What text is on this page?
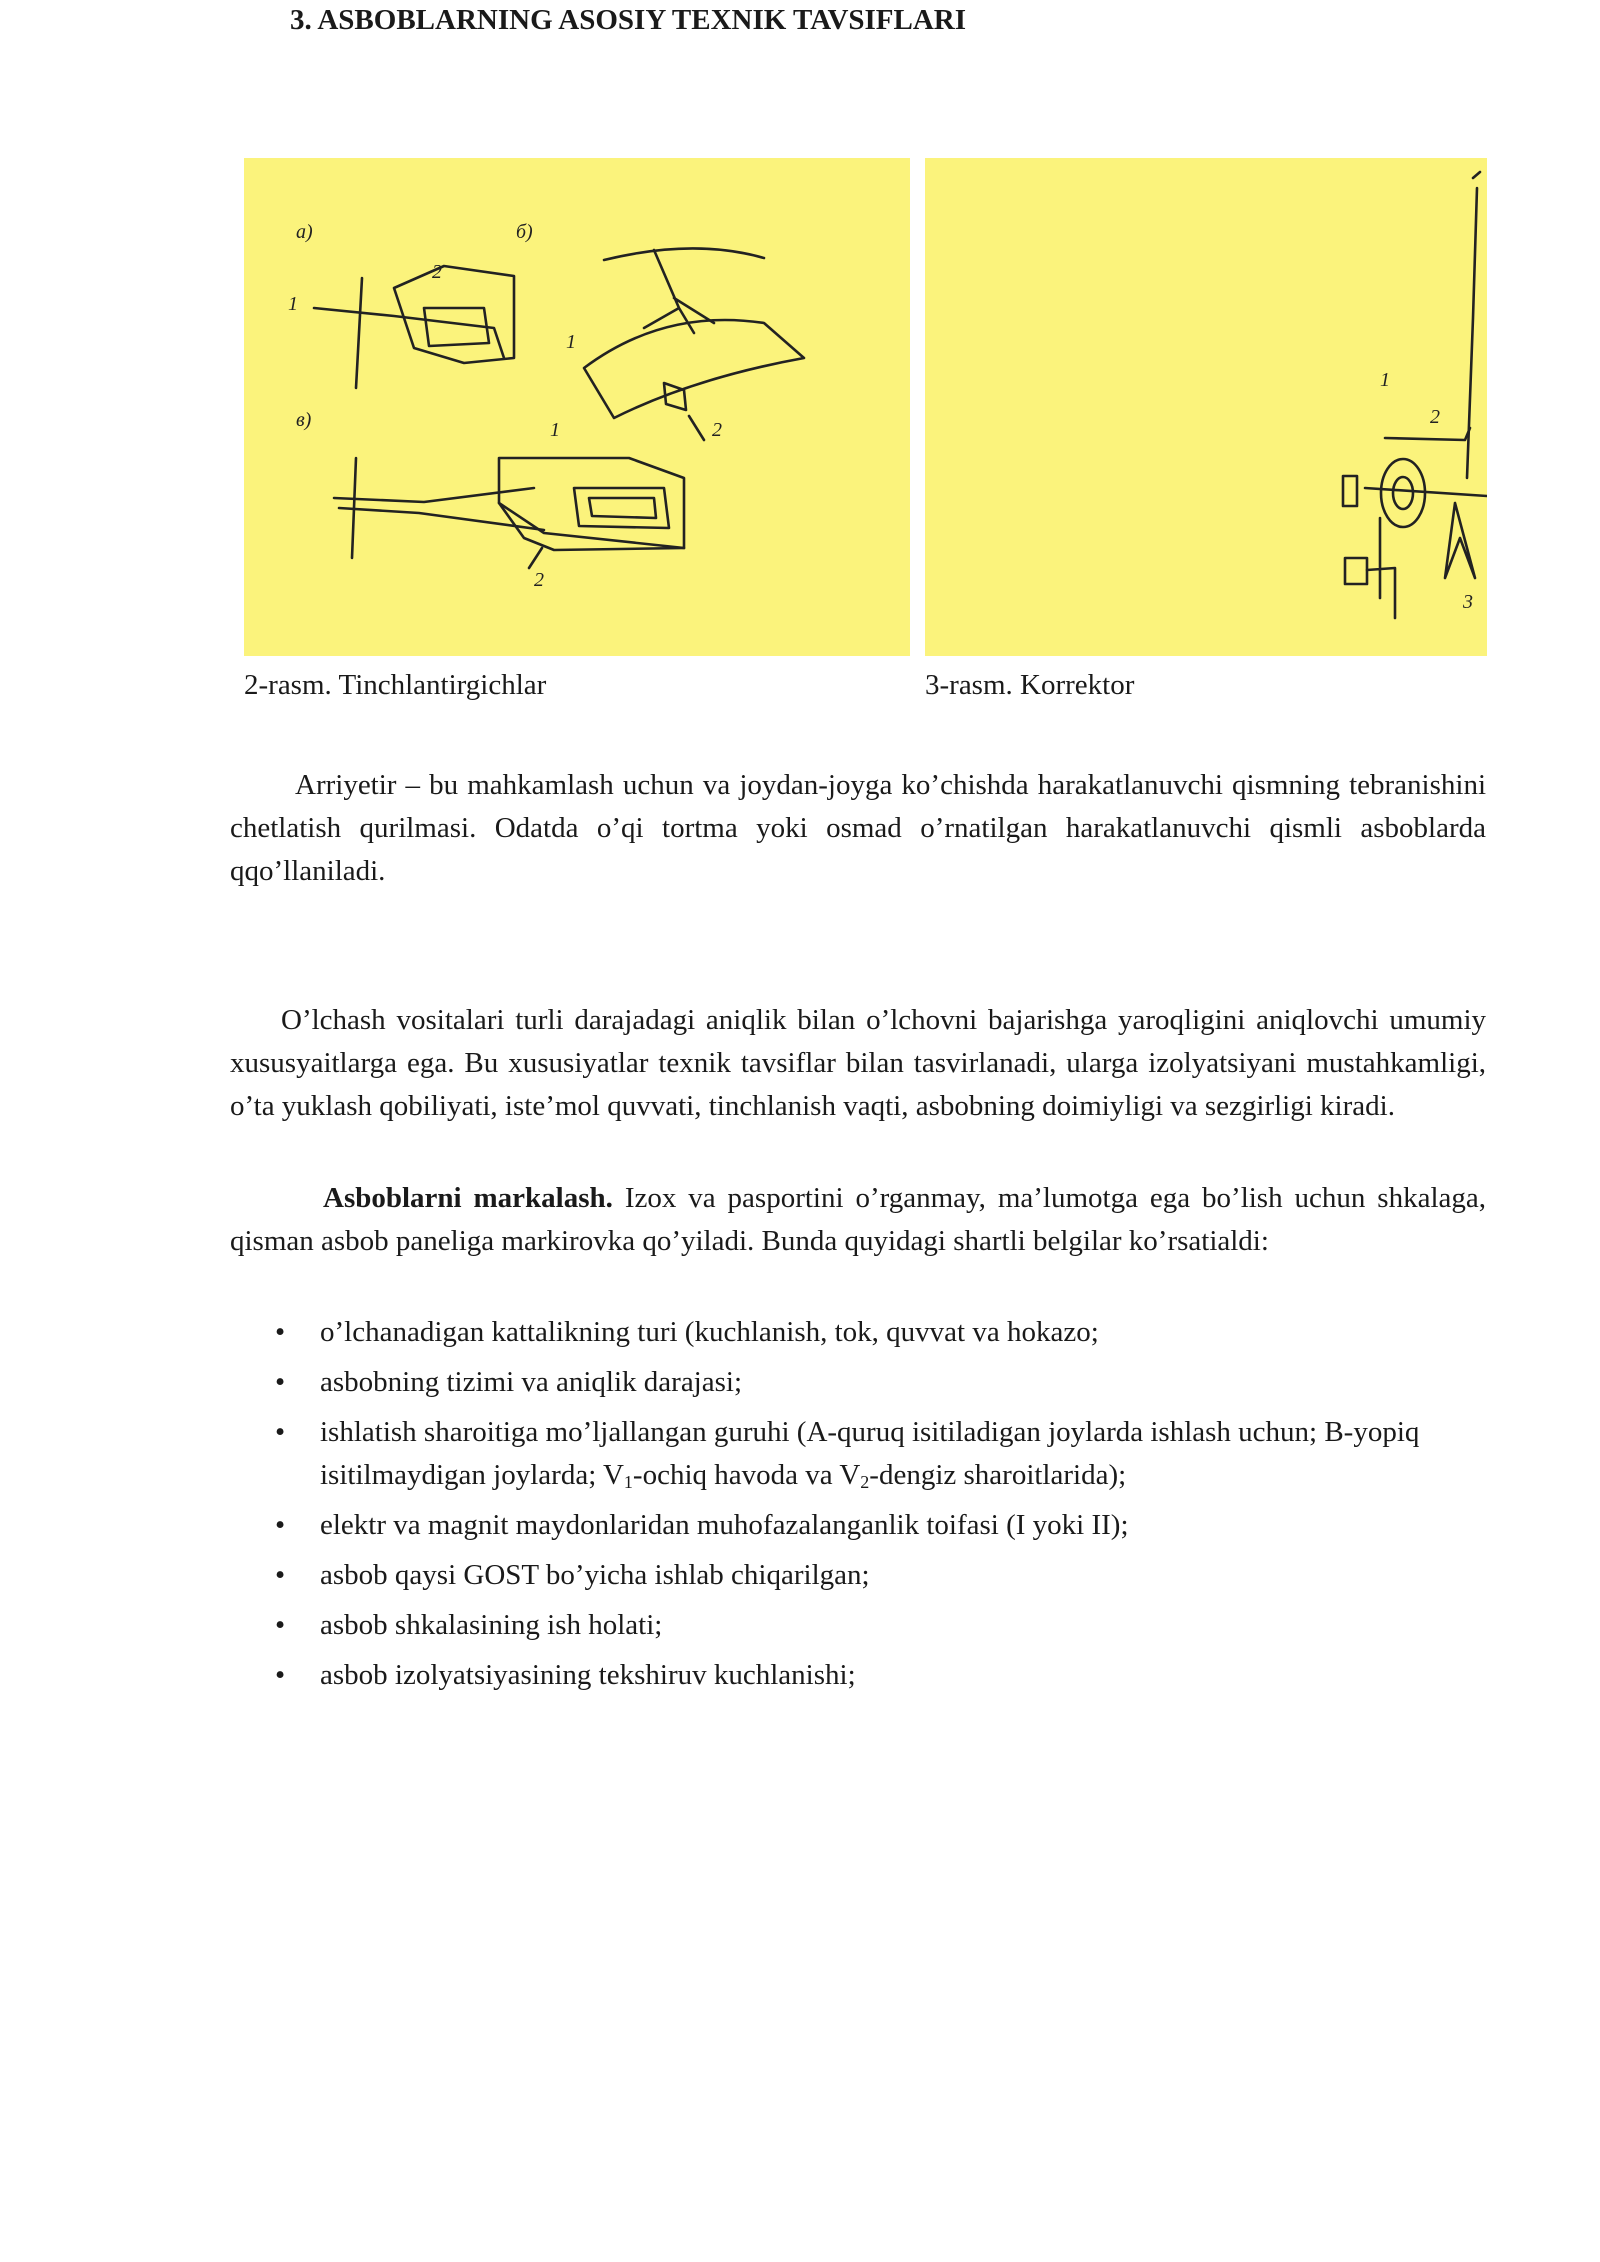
а)
1
2
б)
1
2
в)	1
2
2-rasm. Tinchlantirgichlar
1
2
3
3-rasm. Korrektor
Arriyetir – bu mahkamlash uchun va joydan-joyga ko’chishda harakatlanuvchi qismning tebranishini chetlatish qurilmasi. Odatda o’qi tortma yoki osmad o’rnatilgan harakatlanuvchi qismli asboblarda qqo’llaniladi.
3. ASBOBLARNING ASOSIY TEXNIK TAVSIFLARI
O’lchash vositalari turli darajadagi aniqlik bilan o’lchovni bajarishga yaroqligini aniqlovchi umumiy xususyaitlarga ega. Bu xususiyatlar texnik tavsiflar bilan tasvirlanadi, ularga izolyatsiyani mustahkamligi, o’ta yuklash qobiliyati, iste’mol quvvati, tinchlanish vaqti, asbobning doimiyligi va sezgirligi kiradi.
Asboblarni markalash. Izox va pasportini o’rganmay, ma’lumotga ega bo’lish uchun shkalaga, qisman asbob paneliga markirovka qo’yiladi. Bunda quyidagi shartli belgilar ko’rsatialdi:
• o’lchanadigan kattalikning turi (kuchlanish, tok, quvvat va hokazo;
• asbobning tizimi va aniqlik darajasi;
• ishlatish sharoitiga mo’ljallangan guruhi (A-quruq isitiladigan joylarda ishlash uchun; B-yopiq isitilmaydigan joylarda; $V_1$-ochiq havoda va $V_2$-dengiz sharoitlarida);
• elektr va magnit maydonlaridan muhofazalanganlik toifasi (I yoki II);
• asbob qaysi GOST bo’yicha ishlab chiqarilgan;
• asbob shkalasining ish holati;
• asbob izolyatsiyasining tekshiruv kuchlanishi;
